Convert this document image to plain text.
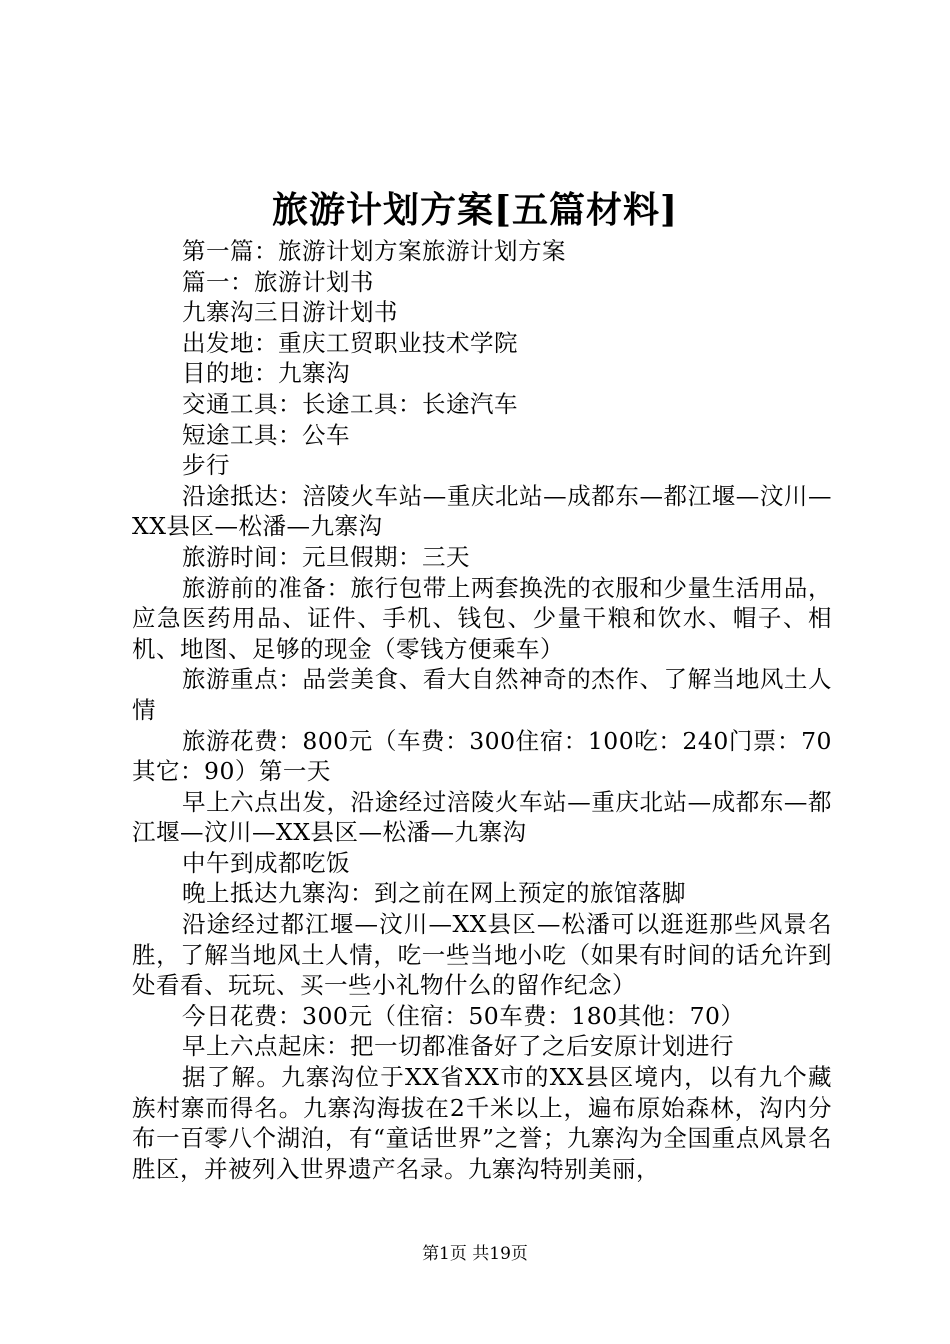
旅游计划方案[五篇材料]

第一篇：旅游计划方案旅游计划方案

篇一：旅游计划书

九寨沟三日游计划书

出发地：重庆工贸职业技术学院

目的地：九寨沟

交通工具：长途工具：长途汽车

短途工具：公车

步行

沿途抵达：涪陵火车站—重庆北站—成都东—都江堰—汶川—XX县区—松潘—九寨沟

旅游时间：元旦假期：三天

旅游前的准备：旅行包带上两套换洗的衣服和少量生活用品，应急医药用品、证件、手机、钱包、少量干粮和饮水、帽子、相机、地图、足够的现金（零钱方便乘车）

旅游重点：品尝美食、看大自然神奇的杰作、了解当地风土人情

旅游花费：800元（车费：300住宿：100吃：240门票：70其它：90）第一天

早上六点出发，沿途经过涪陵火车站—重庆北站—成都东—都江堰—汶川—XX县区—松潘—九寨沟

中午到成都吃饭

晚上抵达九寨沟：到之前在网上预定的旅馆落脚

沿途经过都江堰—汶川—XX县区—松潘可以逛逛那些风景名胜，了解当地风土人情，吃一些当地小吃（如果有时间的话允许到处看看、玩玩、买一些小礼物什么的留作纪念）

今日花费：300元（住宿：50车费：180其他：70）

早上六点起床：把一切都准备好了之后安原计划进行

据了解。九寨沟位于XX省XX市的XX县区境内，以有九个藏族村寨而得名。九寨沟海拔在2千米以上，遍布原始森林，沟内分布一百零八个湖泊，有“童话世界”之誉；九寨沟为全国重点风景名胜区，并被列入世界遗产名录。九寨沟特别美丽，

第1页 共19页
